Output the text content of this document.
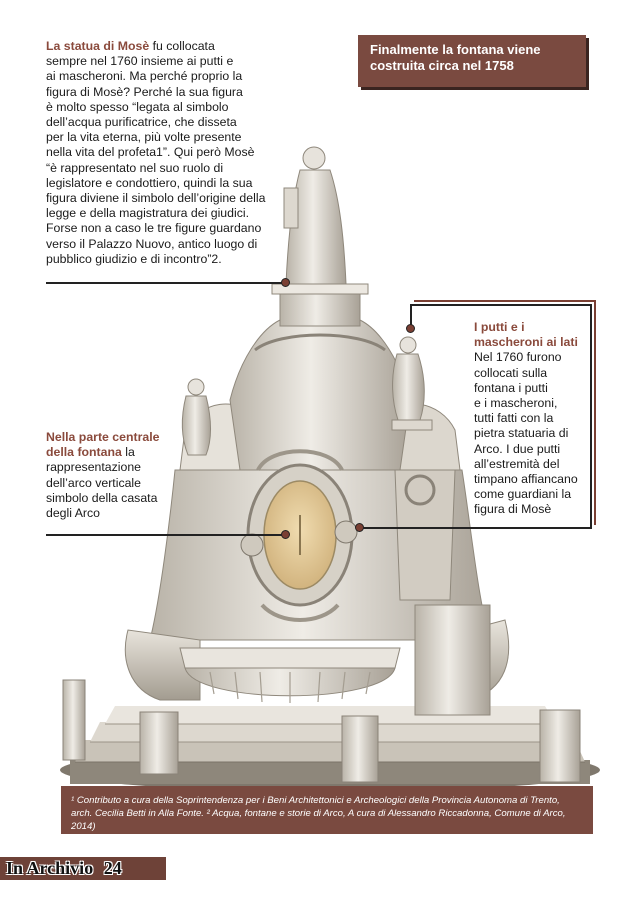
Finalmente la fontana viene
costruita circa nel 1758
La statua di Mosè fu collocata
sempre nel 1760 insieme ai putti e
ai mascheroni. Ma perché proprio la
figura di Mosè? Perché la sua figura
è molto spesso “legata al simbolo
dell’acqua purificatrice, che disseta
per la vita eterna, più volte presente
nella vita del profeta1”. Qui però Mosè
“è rappresentato nel suo ruolo di
legislatore e condottiero, quindi la sua
figura diviene il simbolo dell’origine della
legge e della magistratura dei giudici.
Forse non a caso le tre figure guardano
verso il Palazzo Nuovo, antico luogo di
pubblico giudizio e di incontro”2.
Nella parte centrale
della fontana la
rappresentazione
dell’arco verticale
simbolo della casata
degli Arco
I putti e i
mascheroni ai lati
Nel 1760 furono
collocati sulla
fontana i putti
e i mascheroni,
tutti fatti con la
pietra statuaria di
Arco. I due putti
all’estremità del
timpano affiancano
come guardiani la
figura di Mosè
¹ Contributo a cura della Soprintendenza per i Beni Architettonici e Archeologici della Provincia Autonoma di Trento,
arch. Cecilia Betti in Alla Fonte. ² Acqua, fontane e storie di Arco, A cura di Alessandro Riccadonna, Comune di Arco, 2014)
In Archivio 24
